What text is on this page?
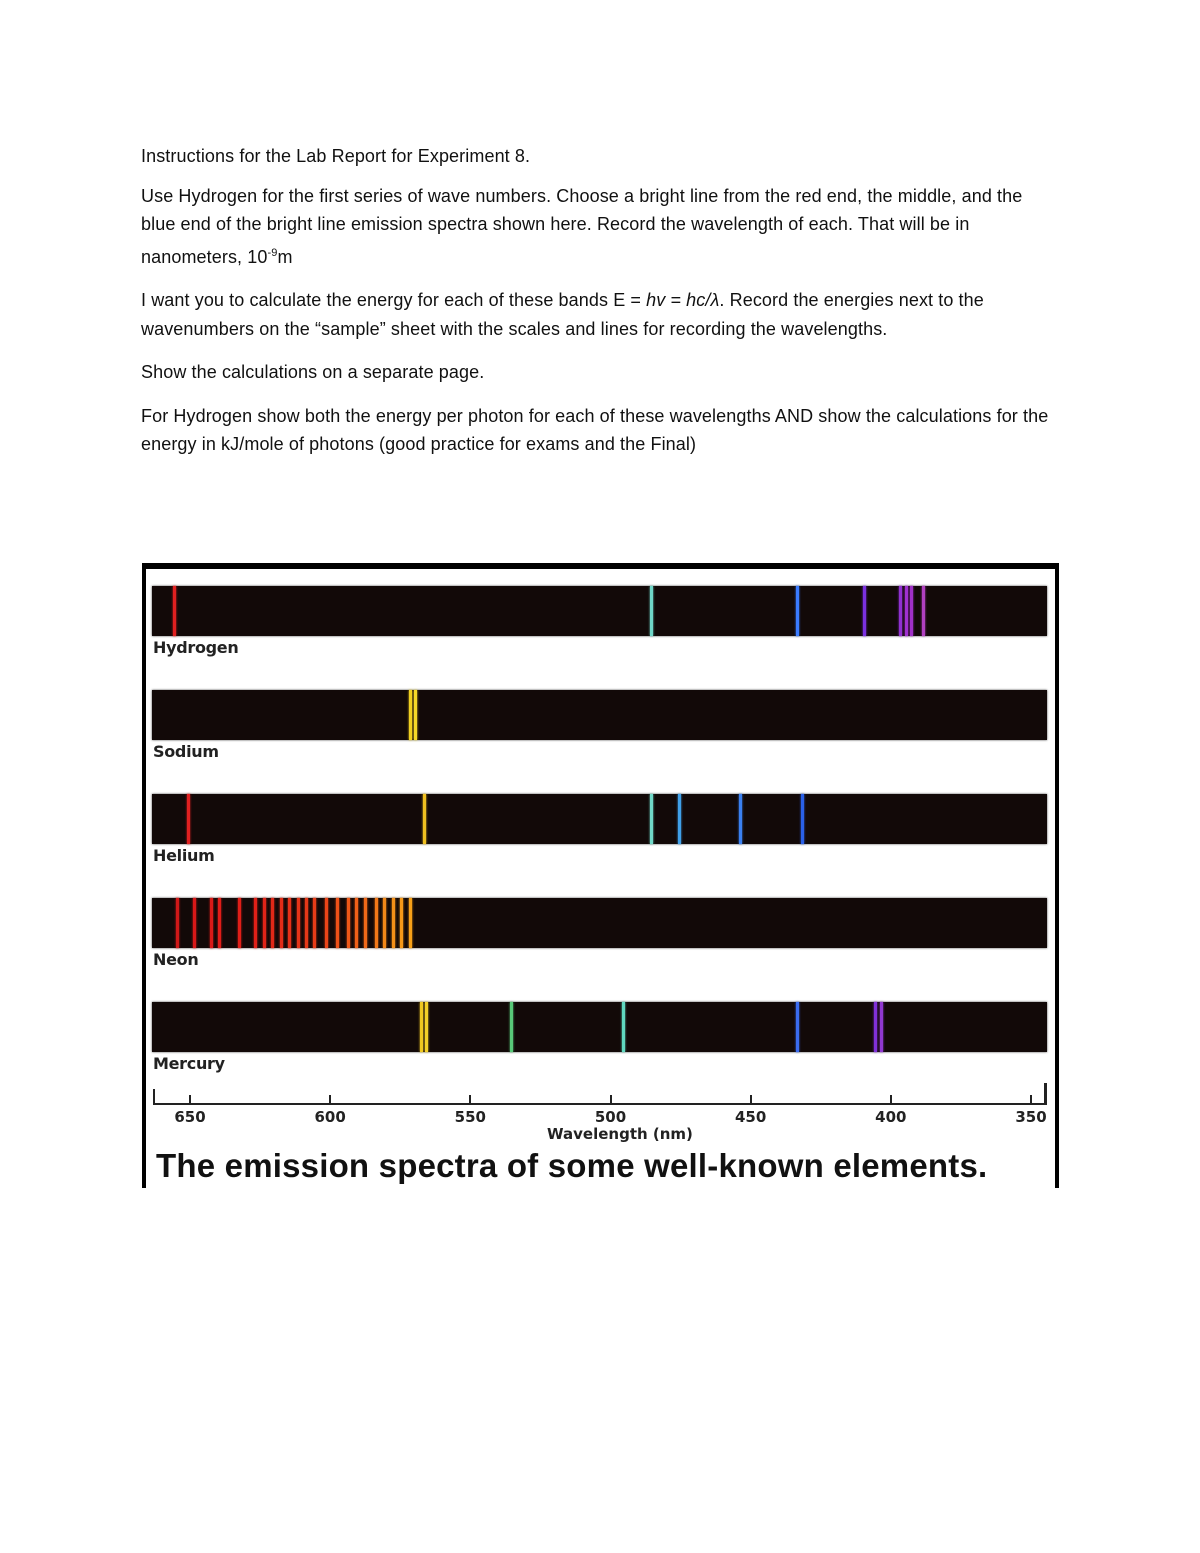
Instructions for the Lab Report for Experiment 8.

Use Hydrogen for the first series of wave numbers. Choose a bright line from the red end, the middle, and the blue end of the bright line emission spectra shown here. Record the wavelength of each. That will be in nanometers, $10^{-9}m$

I want you to calculate the energy for each of these bands E = hv = hc/λ. Record the energies next to the wavenumbers on the “sample” sheet with the scales and lines for recording the wavelengths.

Show the calculations on a separate page.

For Hydrogen show both the energy per photon for each of these wavelengths AND show the calculations for the energy in kJ/mole of photons (good practice for exams and the Final)

Hydrogen
Sodium
Helium
Neon
Mercury
650	600	550	500	450	400	350
Wavelength (nm)
The emission spectra of some well-known elements.
